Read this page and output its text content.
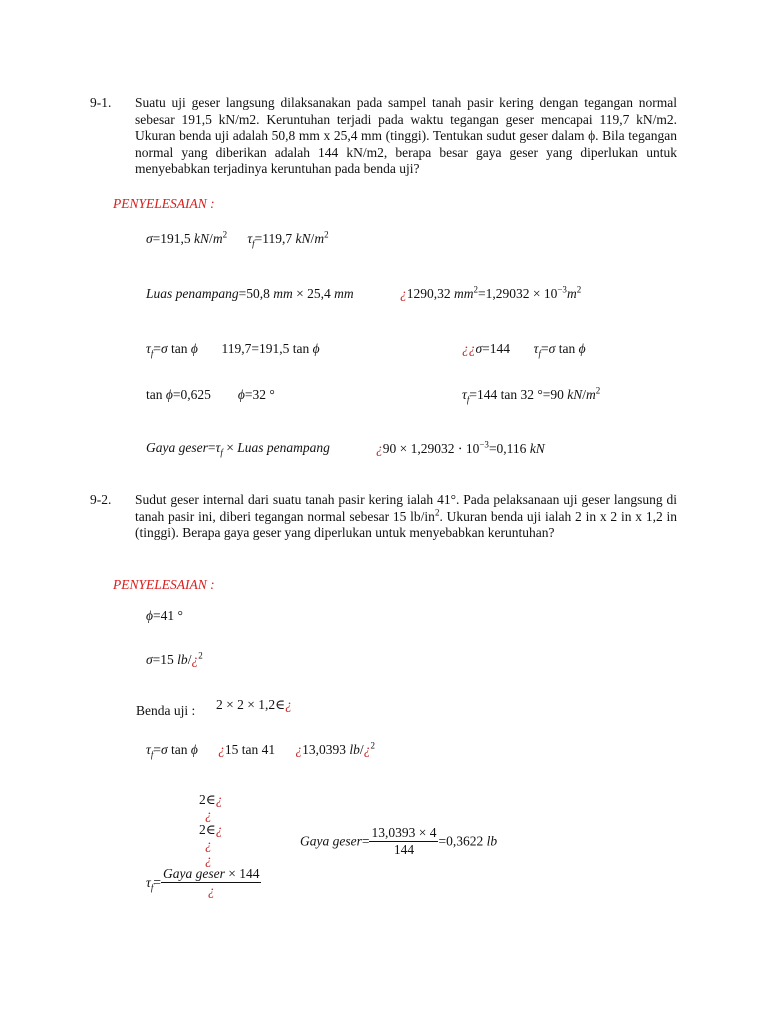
9-1. Suatu uji geser langsung dilaksanakan pada sampel tanah pasir kering dengan tegangan normal sebesar 191,5 kN/m2. Keruntuhan terjadi pada waktu tegangan geser mencapai 119,7 kN/m2. Ukuran benda uji adalah 50,8 mm x 25,4 mm (tinggi). Tentukan sudut geser dalam ϕ. Bila tegangan normal yang diberikan adalah 144 kN/m2, berapa besar gaya geser yang diperlukan untuk menyebabkan terjadinya keruntuhan pada benda uji?
PENYELESAIAN :
σ=191,5 $kN/m^2$ $\tau_f=119,7$ $kN/m^2$
Luas penampang=50,8 mm × 25,4 mm	¿1290,32 $mm^2=1,29032 \times 10^{-3}m^2$
$\tau_f=\sigma$ tan ϕ       119,7=191,5 tan ϕ	¿¿σ=144       $\tau_f=\sigma$ tan ϕ
tan ϕ=0,625        ϕ=32 °	$\tau_f=144$ tan 32 °=90 $kN/m^2$
Gaya $geser=\tau_f$ × Luas penampang	¿$90 \times 1,29032 \cdot 10^{-3}=0,116$ kN
9-2. Sudut geser internal dari suatu tanah pasir kering ialah 41°. Pada pelaksanaan uji geser langsung di tanah pasir ini, diberi tegangan normal sebesar 15 $lb/in^2$. Ukuran benda uji ialah 2 in x 2 in x 1,2 in (tinggi). Berapa gaya geser yang diperlukan untuk menyebabkan keruntuhan?
PENYELESAIAN :
ϕ=41 °
σ=15 lb/¿$^2$
Benda uji : 2 × 2 × 1,2∈¿
$\tau_f=\sigma$ tan ϕ ¿15 tan 41      ¿13,0393 lb/¿$^2$
2∈¿
¿
2∈¿
¿
¿
$\tau_f= \frac{\text{Gaya geser × 144}}{¿}$
Gaya geser= $\frac{13,0393 \times 4}{144} =0,3622$ lb
